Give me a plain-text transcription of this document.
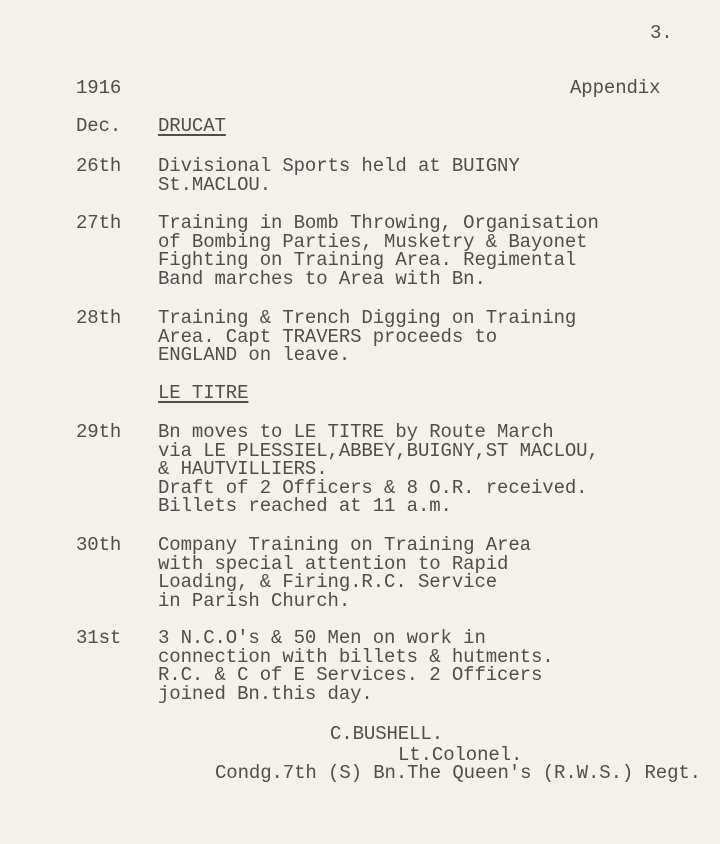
3.
1916	Appendix
Dec. DRUCAT
26th Divisional Sports held at BUIGNY
St.MACLOU.
27th Training in Bomb Throwing, Organisation
of Bombing Parties, Musketry & Bayonet
Fighting on Training Area. Regimental
Band marches to Area with Bn.
28th Training & Trench Digging on Training
Area. Capt TRAVERS proceeds to
ENGLAND on leave.
LE TITRE
29th Bn moves to LE TITRE by Route March
via LE PLESSIEL,ABBEY,BUIGNY,ST MACLOU,
& HAUTVILLIERS.
Draft of 2 Officers & 8 O.R. received.
Billets reached at 11 a.m.
30th Company Training on Training Area
with special attention to Rapid
Loading, & Firing.R.C. Service
in Parish Church.
31st 3 N.C.O's & 50 Men on work in
connection with billets & hutments.
R.C. & C of E Services. 2 Officers
joined Bn.this day.
C.BUSHELL.
Lt.Colonel.
Condg.7th (S) Bn.The Queen's (R.W.S.) Regt.
